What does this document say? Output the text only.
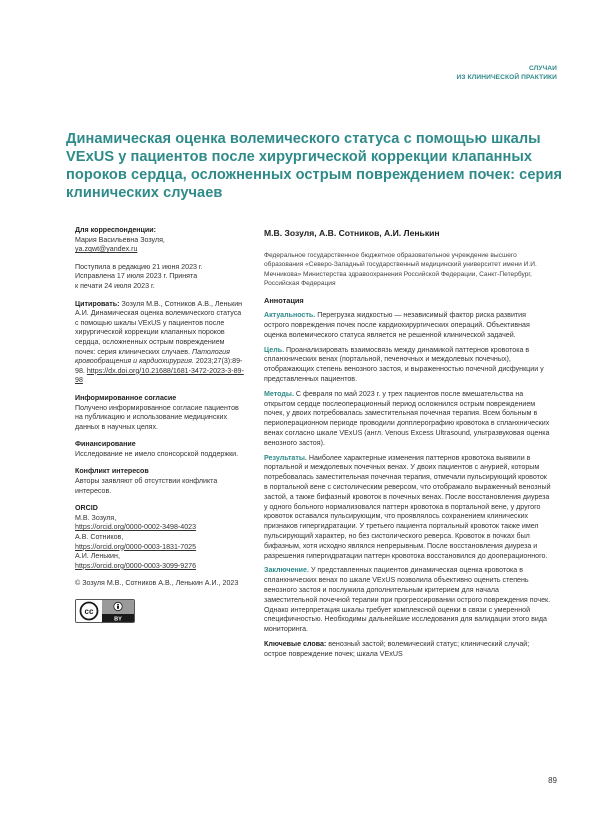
СЛУЧАИ
ИЗ КЛИНИЧЕСКОЙ ПРАКТИКИ
Динамическая оценка волемического статуса с помощью шкалы VExUS у пациентов после хирургической коррекции клапанных пороков сердца, осложненных острым повреждением почек: серия клинических случаев
Для корреспонденции:
Мария Васильевна Зозуля,
ya.zqwt@yandex.ru
Поступила в редакцию 21 июня 2023 г.
Исправлена 17 июля 2023 г. Принята
к печати 24 июля 2023 г.
Цитировать: Зозуля М.В., Сотников А.В., Ленькин А.И. Динамическая оценка волемического статуса с помощью шкалы VExUS у пациентов после хирургической коррекции клапанных пороков сердца, осложненных острым повреждением почек: серия клинических случаев. Патология кровообращения и кардиохирургия. 2023;27(3):89-98. https://dx.doi.org/10.21688/1681-3472-2023-3-89-98
Информированное согласие
Получено информированное согласие пациентов на публикацию и использование медицинских данных в научных целях.
Финансирование
Исследование не имело спонсорской поддержки.
Конфликт интересов
Авторы заявляют об отсутствии конфликта интересов.
ORCID
М.В. Зозуля,
https://orcid.org/0000-0002-3498-4023
А.В. Сотников,
https://orcid.org/0000-0003-1831-7025
А.И. Ленькин,
https://orcid.org/0000-0003-3099-9276
© Зозуля М.В., Сотников А.В., Ленькин А.И., 2023
cc
BY
М.В. Зозуля, А.В. Сотников, А.И. Ленькин
Федеральное государственное бюджетное образовательное учреждение высшего образования «Северо-Западный государственный медицинский университет имени И.И. Мечникова» Министерства здравоохранения Российской Федерации, Санкт-Петербург, Российская Федерация
Аннотация
Актуальность. Перегрузка жидкостью — независимый фактор риска развития острого повреждения почек после кардиохирургических операций. Объективная оценка волемического статуса является не решенной клинической задачей.
Цель. Проанализировать взаимосвязь между динамикой паттернов кровотока в спланхнических венах (портальной, печеночных и междолевых почечных), отображающих степень венозного застоя, и выраженностью почечной дисфункции у представленных пациентов.
Методы. С февраля по май 2023 г. у трех пациентов после вмешательства на открытом сердце послеоперационный период осложнился острым повреждением почек, у двоих потребовалась заместительная почечная терапия. Всем больным в периоперационном периоде проводили допплерографию кровотока в спланхнических венах согласно шкале VExUS (англ. Venous Excess Ultrasound, ультразвуковая оценка венозного застоя).
Результаты. Наиболее характерные изменения паттернов кровотока выявили в портальной и междолевых почечных венах. У двоих пациентов с анурией, которым потребовалась заместительная почечная терапия, отмечали пульсирующий кровоток в портальной вене с систолическим реверсом, что отображало выраженный венозный застой, а также бифазный кровоток в почечных венах. После восстановления диуреза у одного больного нормализовался паттерн кровотока в портальной вене, у другого кровоток оставался пульсирующим, что проявлялось сохранением клинических признаков гипергидратации. У третьего пациента портальный кровоток также имел пульсирующий характер, но без систолического реверса. Кровоток в почках был бифазным, хотя исходно являлся непрерывным. После восстановления диуреза и разрешения гипергидратации паттерн кровотока восстановился до дооперационного.
Заключение. У представленных пациентов динамическая оценка кровотока в спланхнических венах по шкале VExUS позволила объективно оценить степень венозного застоя и послужила дополнительным критерием для начала заместительной почечной терапии при прогрессировании острого повреждения почек. Однако интерпретация шкалы требует комплексной оценки в связи с умеренной специфичностью. Необходимы дальнейшие исследования для валидации этого вида мониторинга.
Ключевые слова: венозный застой; волемический статус; клинический случай; острое повреждение почек; шкала VExUS
89
